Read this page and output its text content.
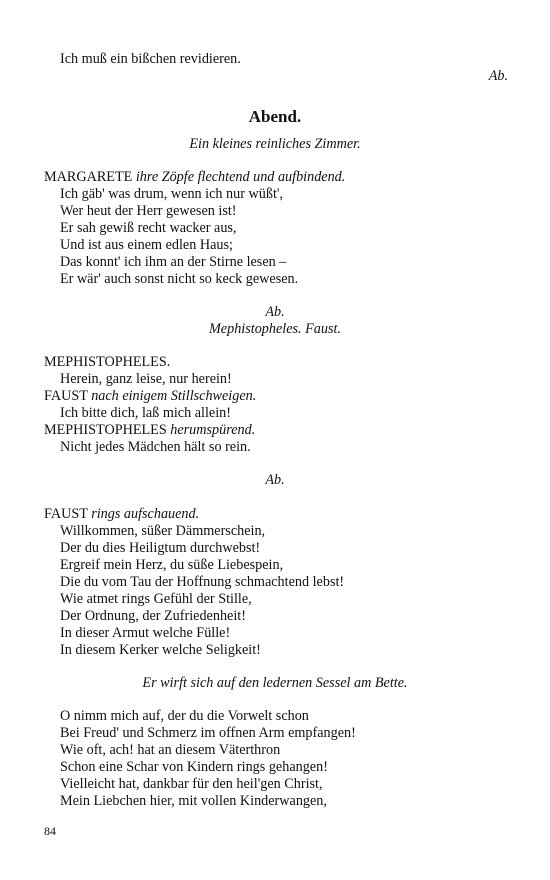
Ich muß ein bißchen revidieren.
Ab.
Abend.
Ein kleines reinliches Zimmer.
MARGARETE ihre Zöpfe flechtend und aufbindend.
Ich gäb' was drum, wenn ich nur wüßt',
Wer heut der Herr gewesen ist!
Er sah gewiß recht wacker aus,
Und ist aus einem edlen Haus;
Das konnt' ich ihm an der Stirne lesen –
Er wär' auch sonst nicht so keck gewesen.
Ab.
Mephistopheles. Faust.
MEPHISTOPHELES.
Herein, ganz leise, nur herein!
FAUST nach einigem Stillschweigen.
Ich bitte dich, laß mich allein!
MEPHISTOPHELES herumspürend.
Nicht jedes Mädchen hält so rein.
Ab.
FAUST rings aufschauend.
Willkommen, süßer Dämmerschein,
Der du dies Heiligtum durchwebst!
Ergreif mein Herz, du süße Liebespein,
Die du vom Tau der Hoffnung schmachtend lebst!
Wie atmet rings Gefühl der Stille,
Der Ordnung, der Zufriedenheit!
In dieser Armut welche Fülle!
In diesem Kerker welche Seligkeit!
Er wirft sich auf den ledernen Sessel am Bette.
O nimm mich auf, der du die Vorwelt schon
Bei Freud' und Schmerz im offnen Arm empfangen!
Wie oft, ach! hat an diesem Väterthron
Schon eine Schar von Kindern rings gehangen!
Vielleicht hat, dankbar für den heil'gen Christ,
Mein Liebchen hier, mit vollen Kinderwangen,
84
